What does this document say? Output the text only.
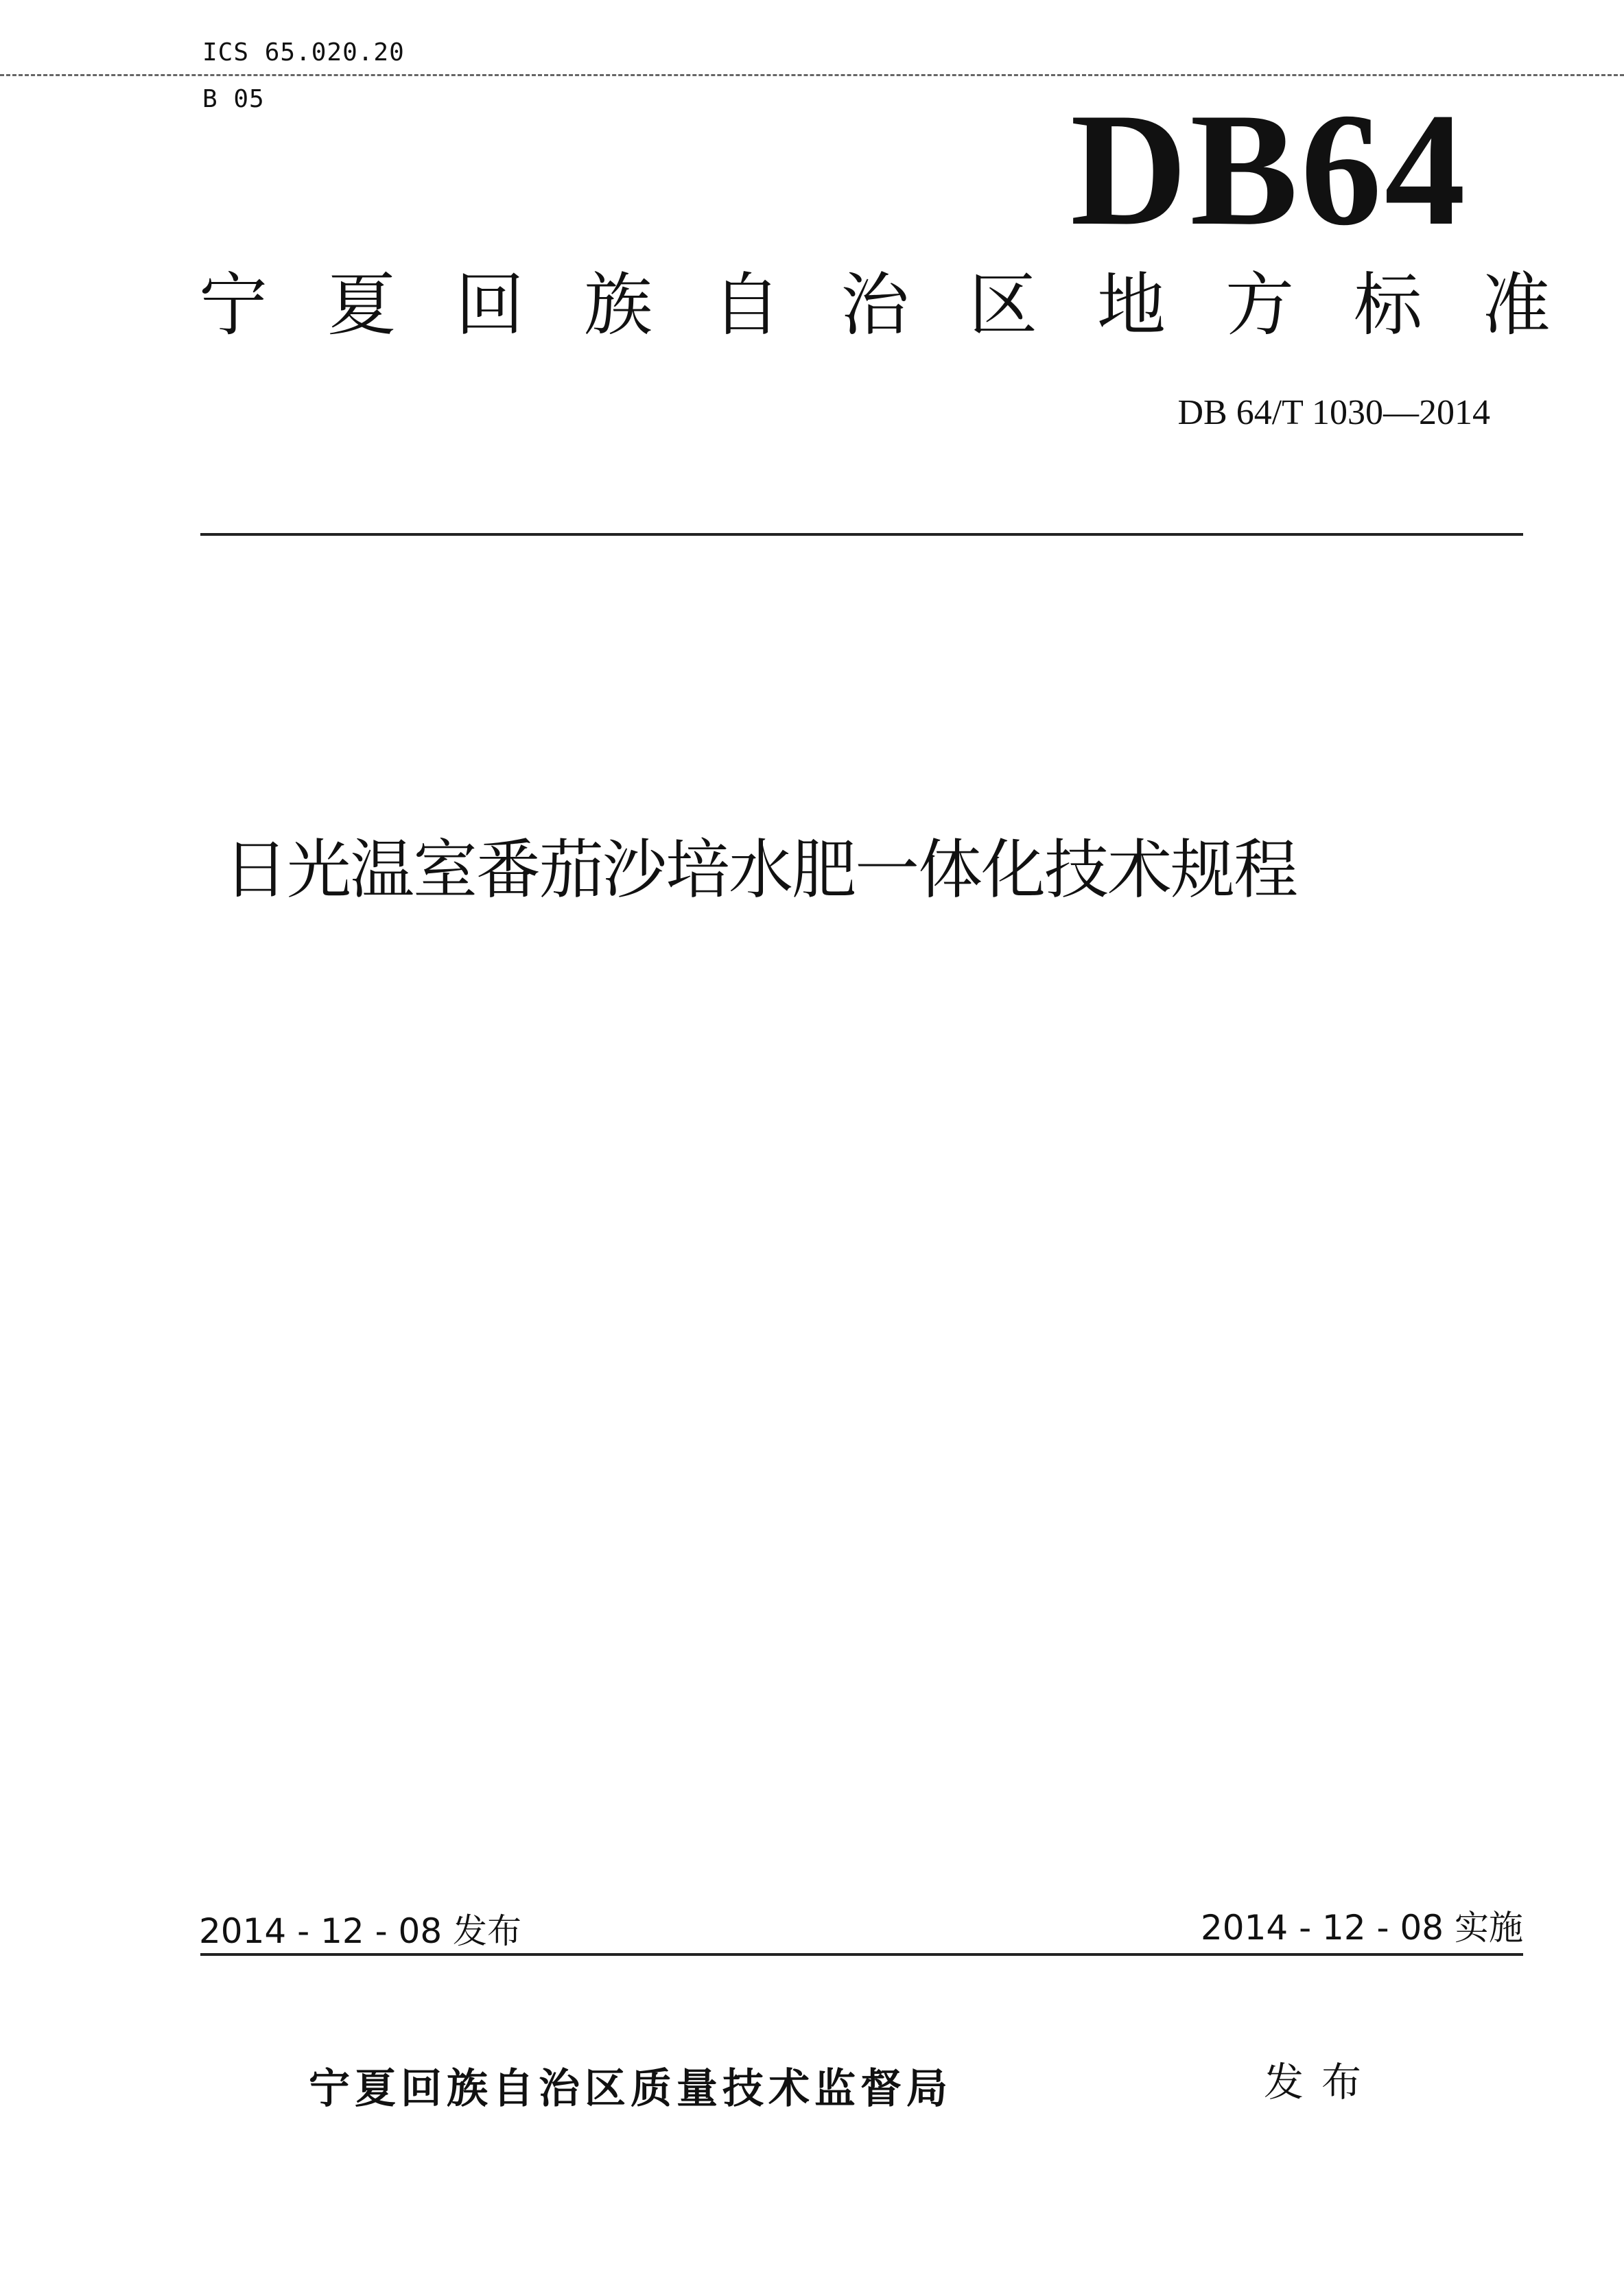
ICS 65.020.20
B 05	DB64
宁 夏 回 族 自 治 区 地 方 标 准
DB 64/T 1030—2014
日光温室番茄沙培水肥一体化技术规程
2014 - 12 - 08 发布	2014 - 12 - 08 实施
宁夏回族自治区质量技术监督局	发布
